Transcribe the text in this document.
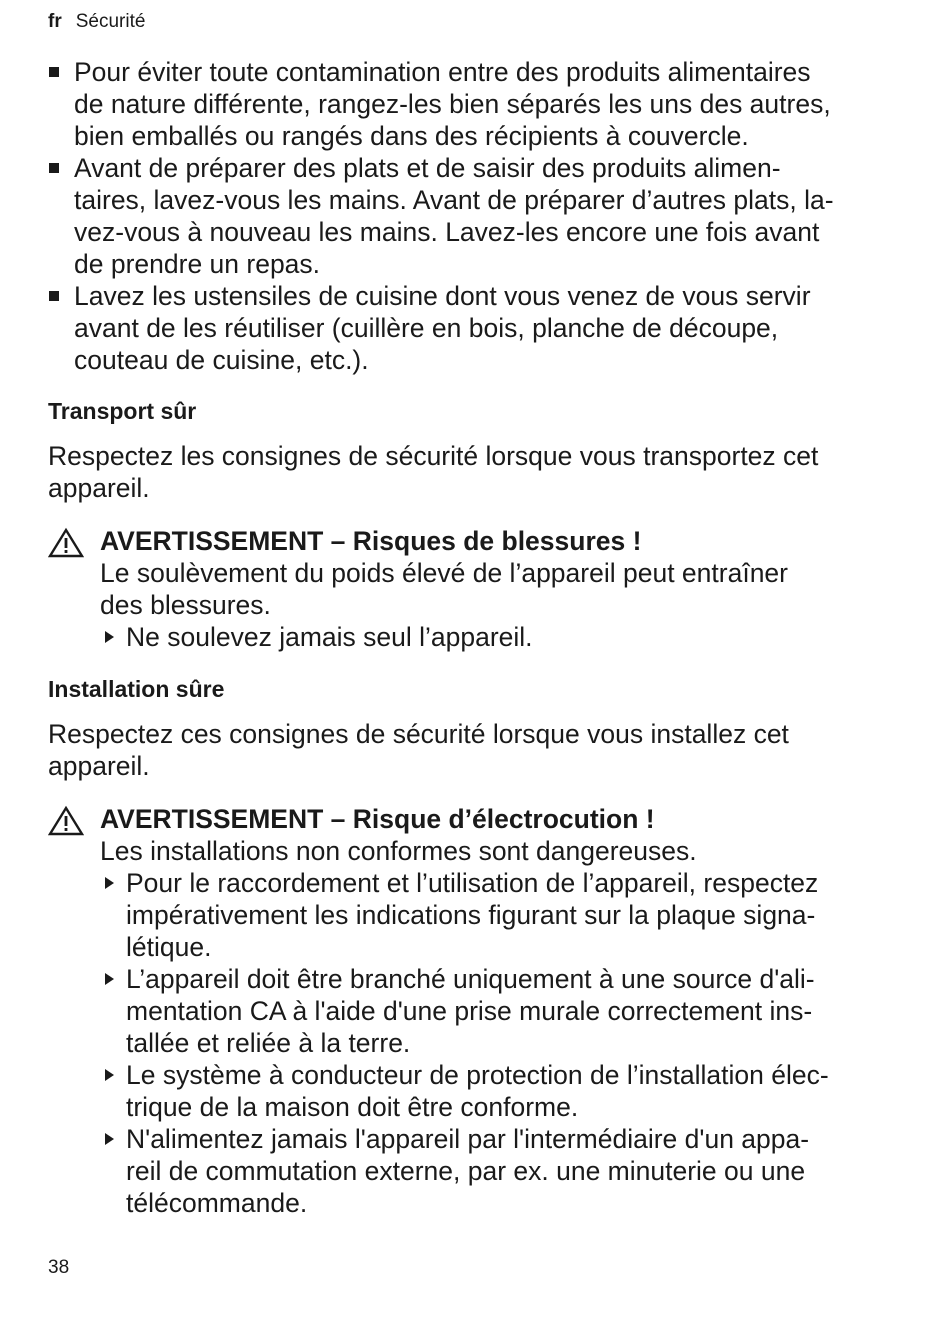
fr Sécurité

Pour éviter toute contamination entre des produits alimentaires
de nature différente, rangez-les bien séparés les uns des autres,
bien emballés ou rangés dans des récipients à couvercle.

Avant de préparer des plats et de saisir des produits alimen-
taires, lavez-vous les mains. Avant de préparer d’autres plats, la-
vez-vous à nouveau les mains. Lavez-les encore une fois avant
de prendre un repas.

Lavez les ustensiles de cuisine dont vous venez de vous servir
avant de les réutiliser (cuillère en bois, planche de découpe,
couteau de cuisine, etc.).

Transport sûr

Respectez les consignes de sécurité lorsque vous transportez cet
appareil.

AVERTISSEMENT – Risques de blessures !

Le soulèvement du poids élevé de l’appareil peut entraîner
des blessures.

Ne soulevez jamais seul l’appareil.

Installation sûre

Respectez ces consignes de sécurité lorsque vous installez cet
appareil.

AVERTISSEMENT – Risque d’électrocution !

Les installations non conformes sont dangereuses.

Pour le raccordement et l’utilisation de l’appareil, respectez
impérativement les indications figurant sur la plaque signa-
létique.

L’appareil doit être branché uniquement à une source d'ali-
mentation CA à l'aide d'une prise murale correctement ins-
tallée et reliée à la terre.

Le système à conducteur de protection de l’installation élec-
trique de la maison doit être conforme.

N'alimentez jamais l'appareil par l'intermédiaire d'un appa-
reil de commutation externe, par ex. une minuterie ou une
télécommande.

38
